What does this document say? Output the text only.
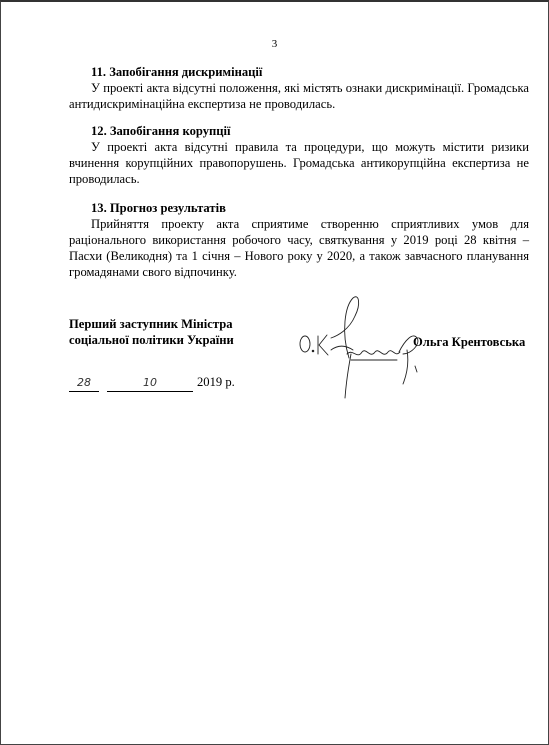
3
11. Запобігання дискримінації

У проекті акта відсутні положення, які містять ознаки дискримінації. Громадська антидискримінаційна експертиза не проводилась.

12. Запобігання корупції

У проекті акта відсутні правила та процедури, що можуть містити ризики вчинення корупційних правопорушень. Громадська антикорупційна експертиза не проводилась.

13. Прогноз результатів

Прийняття проекту акта сприятиме створенню сприятливих умов для раціонального використання робочого часу, святкування у 2019 році 28 квітня – Пасхи (Великодня) та 1 січня – Нового року у 2020, а також завчасного планування громадянами свого відпочинку.

Перший заступник Міністра
соціальної політики України	Ольга Крентовська
28	10	2019 р.
